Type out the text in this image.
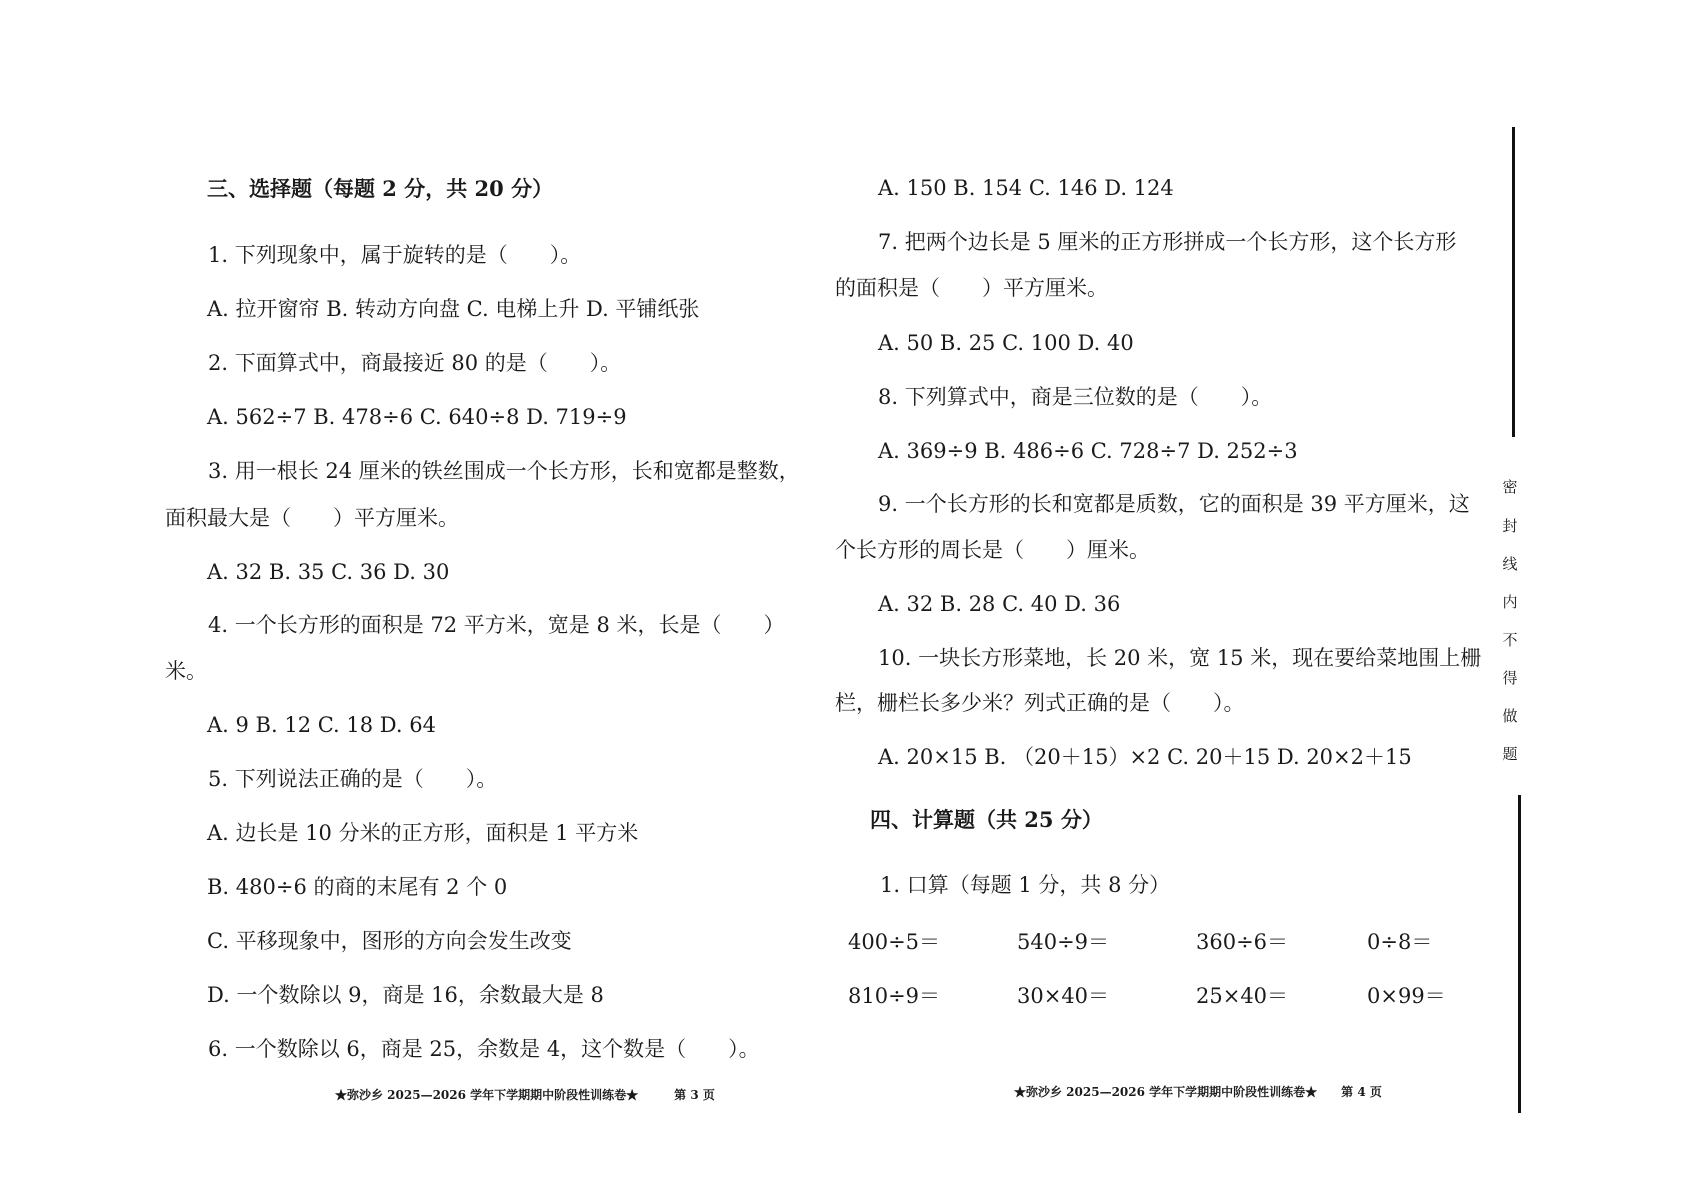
三、选择题（每题 2 分，共 20 分）
1. 下列现象中，属于旋转的是（　　）。
A. 拉开窗帘 B. 转动方向盘 C. 电梯上升 D. 平铺纸张
2. 下面算式中，商最接近 80 的是（　　）。
A. 562÷7 B. 478÷6 C. 640÷8 D. 719÷9
3. 用一根长 24 厘米的铁丝围成一个长方形，长和宽都是整数，
面积最大是（　　）平方厘米。
A. 32 B. 35 C. 36 D. 30
4. 一个长方形的面积是 72 平方米，宽是 8 米，长是（　　）
米。
A. 9 B. 12 C. 18 D. 64
5. 下列说法正确的是（　　）。
A. 边长是 10 分米的正方形，面积是 1 平方米
B. 480÷6 的商的末尾有 2 个 0
C. 平移现象中，图形的方向会发生改变
D. 一个数除以 9，商是 16，余数最大是 8
6. 一个数除以 6，商是 25，余数是 4，这个数是（　　）。
★弥沙乡 2025—2026 学年下学期期中阶段性训练卷★　　　第 3 页
A. 150 B. 154 C. 146 D. 124
7. 把两个边长是 5 厘米的正方形拼成一个长方形，这个长方形
的面积是（　　）平方厘米。
A. 50 B. 25 C. 100 D. 40
8. 下列算式中，商是三位数的是（　　）。
A. 369÷9 B. 486÷6 C. 728÷7 D. 252÷3
9. 一个长方形的长和宽都是质数，它的面积是 39 平方厘米，这
个长方形的周长是（　　）厘米。
A. 32 B. 28 C. 40 D. 36
10. 一块长方形菜地，长 20 米，宽 15 米，现在要给菜地围上栅
栏，栅栏长多少米？列式正确的是（　　）。
A. 20×15 B. （20＋15）×2 C. 20＋15 D. 20×2＋15
四、计算题（共 25 分）
1. 口算（每题 1 分，共 8 分）
400÷5＝	540÷9＝	360÷6＝	0÷8＝
810÷9＝	30×40＝	25×40＝	0×99＝
★弥沙乡 2025—2026 学年下学期期中阶段性训练卷★　　第 4 页
密
封
线
内
不
得
做
题
